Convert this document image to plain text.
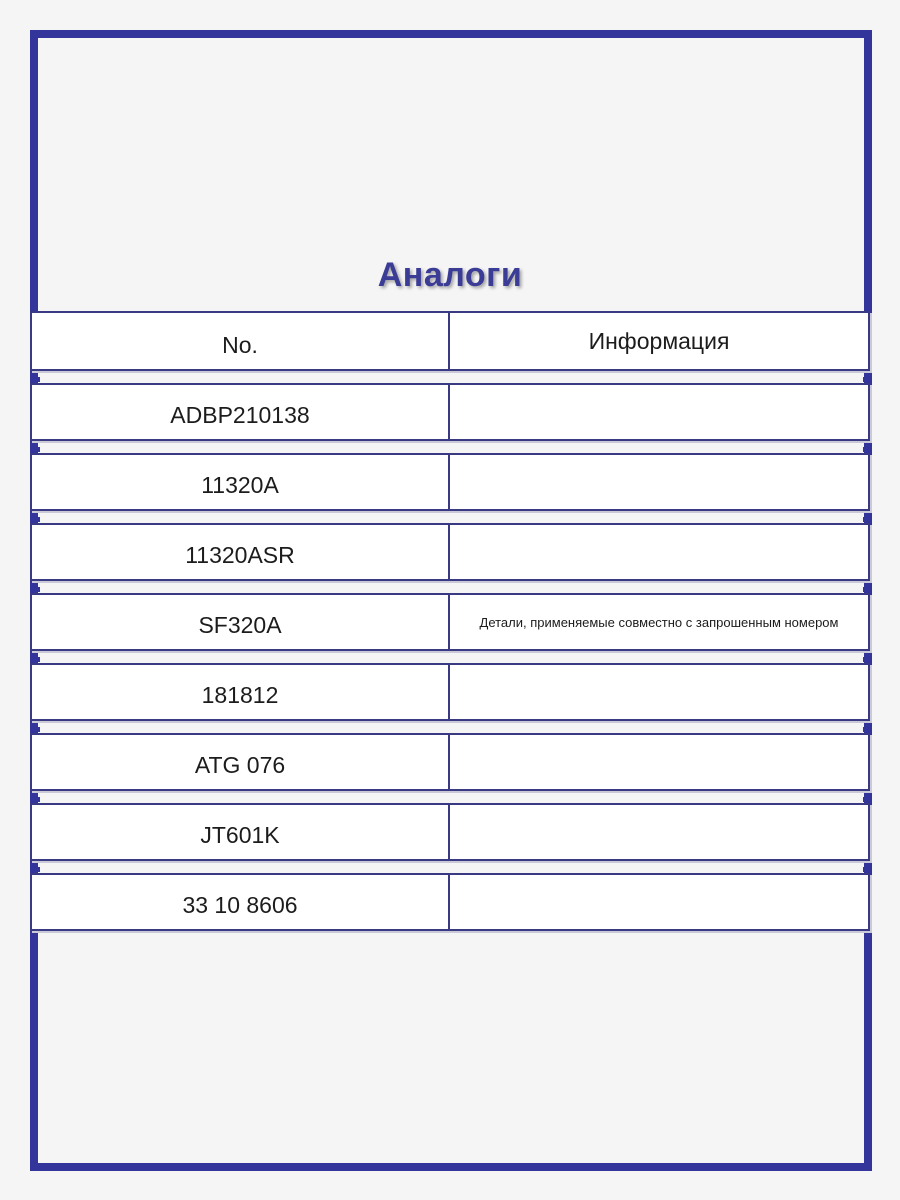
Аналоги
No.	Информация
ADBP210138
11320A
11320ASR
SF320A	Детали, применяемые совместно с запрошенным номером
181812
ATG 076
JT601K
33 10 8606
